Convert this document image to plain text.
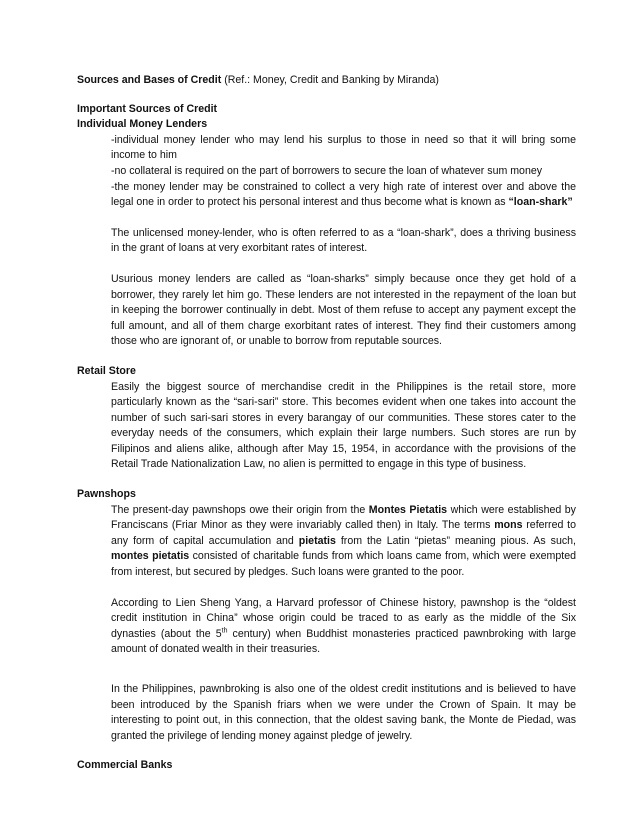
Sources and Bases of Credit (Ref.: Money, Credit and Banking by Miranda)

Important Sources of Credit

Individual Money Lenders

-individual money lender who may lend his surplus to those in need so that it will bring some income to him

-no collateral is required on the part of borrowers to secure the loan of whatever sum money

-the money lender may be constrained to collect a very high rate of interest over and above the legal one in order to protect his personal interest and thus become what is known as “loan-shark”

The unlicensed money-lender, who is often referred to as a “loan-shark”, does a thriving business in the grant of loans at very exorbitant rates of interest.

Usurious money lenders are called as “loan-sharks” simply because once they get hold of a borrower, they rarely let him go. These lenders are not interested in the repayment of the loan but in keeping the borrower continually in debt. Most of them refuse to accept any payment except the full amount, and all of them charge exorbitant rates of interest. They find their customers among those who are ignorant of, or unable to borrow from reputable sources.

Retail Store

Easily the biggest source of merchandise credit in the Philippines is the retail store, more particularly known as the “sari-sari” store. This becomes evident when one takes into account the number of such sari-sari stores in every barangay of our communities. These stores cater to the everyday needs of the consumers, which explain their large numbers. Such stores are run by Filipinos and aliens alike, although after May 15, 1954, in accordance with the provisions of the Retail Trade Nationalization Law, no alien is permitted to engage in this type of business.

Pawnshops

The present-day pawnshops owe their origin from the Montes Pietatis which were established by Franciscans (Friar Minor as they were invariably called then) in Italy. The terms mons referred to any form of capital accumulation and pietatis from the Latin “pietas” meaning pious. As such, montes pietatis consisted of charitable funds from which loans came from, which were exempted from interest, but secured by pledges. Such loans were granted to the poor.

According to Lien Sheng Yang, a Harvard professor of Chinese history, pawnshop is the “oldest credit institution in China” whose origin could be traced to as early as the middle of the Six dynasties (about the 5th century) when Buddhist monasteries practiced pawnbroking with large amount of donated wealth in their treasuries.

In the Philippines, pawnbroking is also one of the oldest credit institutions and is believed to have been introduced by the Spanish friars when we were under the Crown of Spain. It may be interesting to point out, in this connection, that the oldest saving bank, the Monte de Piedad, was granted the privilege of lending money against pledge of jewelry.

Commercial Banks
